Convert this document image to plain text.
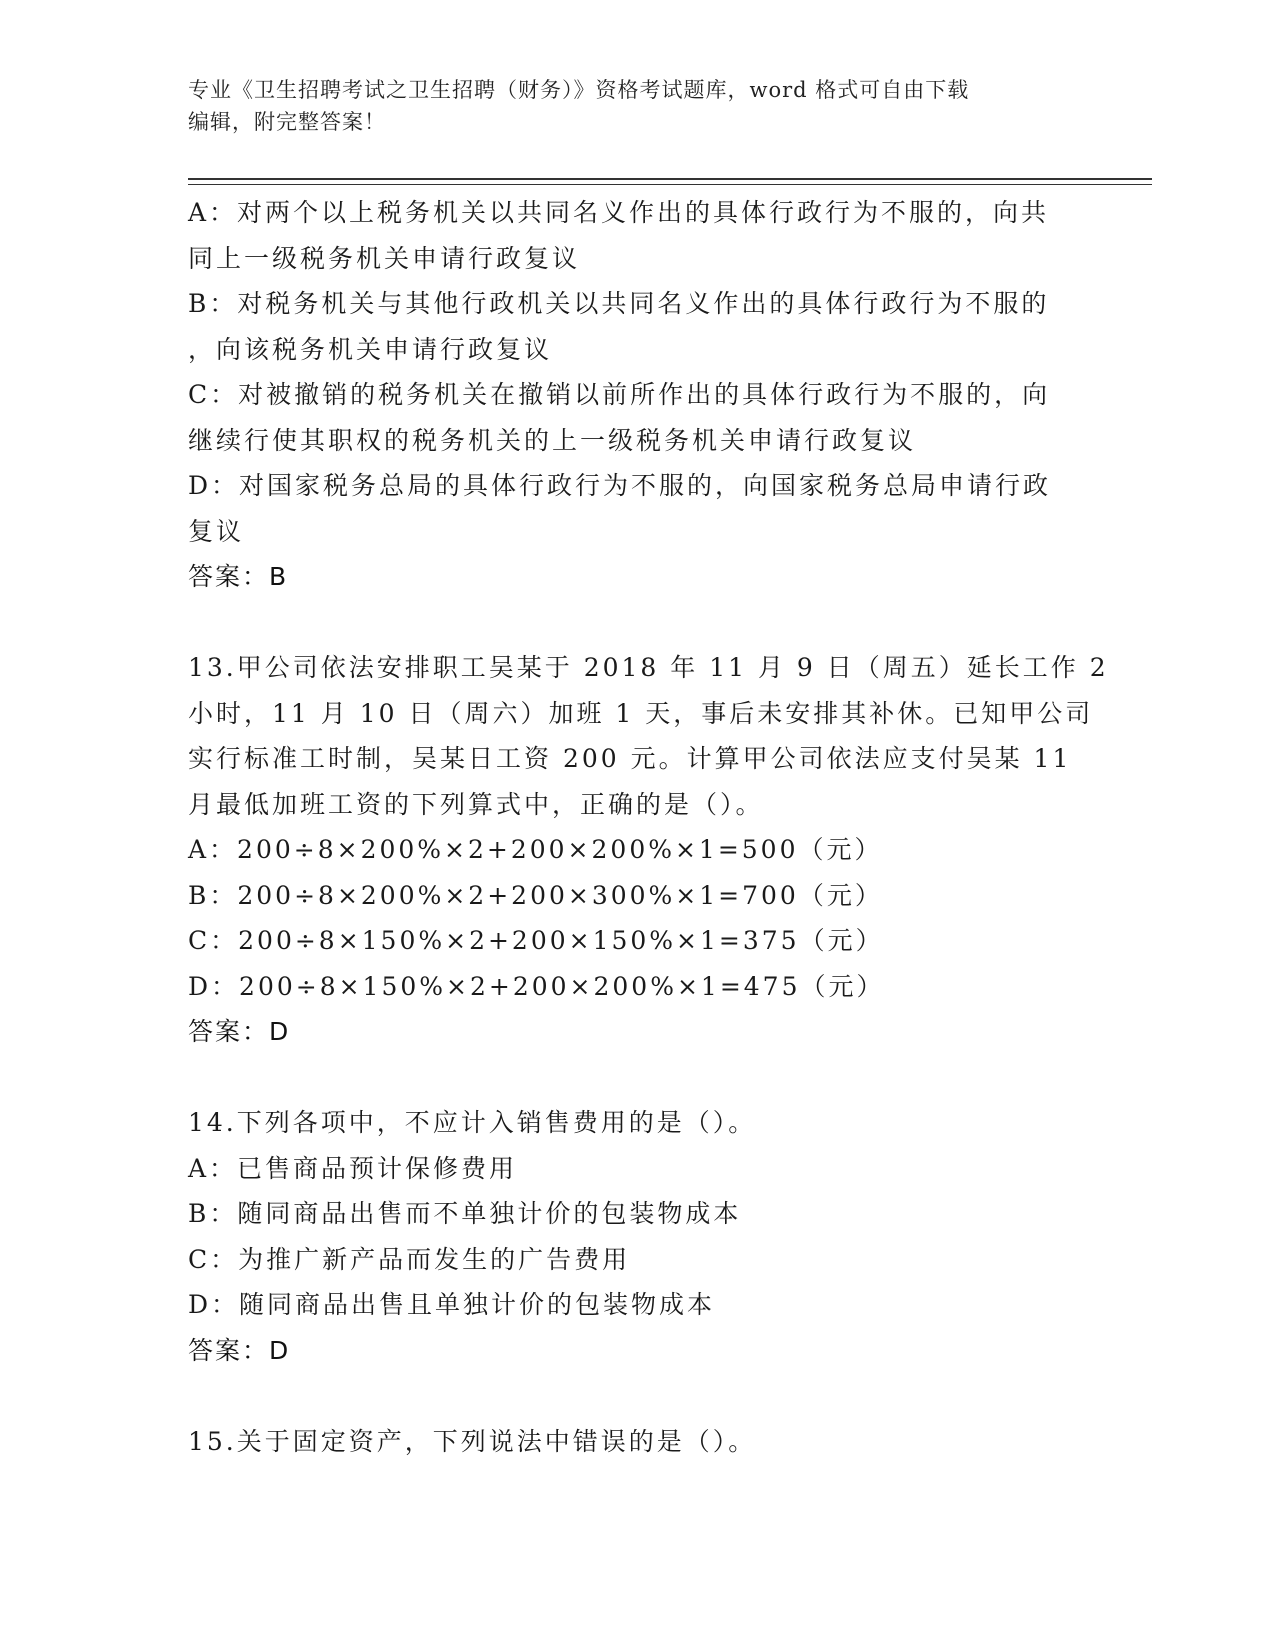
专业《卫生招聘考试之卫生招聘（财务）》资格考试题库，word 格式可自由下载
编辑，附完整答案！
A：对两个以上税务机关以共同名义作出的具体行政行为不服的，向共
同上一级税务机关申请行政复议
B：对税务机关与其他行政机关以共同名义作出的具体行政行为不服的
，向该税务机关申请行政复议
C：对被撤销的税务机关在撤销以前所作出的具体行政行为不服的，向
继续行使其职权的税务机关的上一级税务机关申请行政复议
D：对国家税务总局的具体行政行为不服的，向国家税务总局申请行政
复议
答案：B
13.甲公司依法安排职工吴某于 2018 年 11 月 9 日（周五）延长工作 2
小时，11 月 10 日（周六）加班 1 天，事后未安排其补休。已知甲公司
实行标准工时制，吴某日工资 200 元。计算甲公司依法应支付吴某 11
月最低加班工资的下列算式中，正确的是（）。
A：200÷8×200%×2+200×200%×1=500（元）
B：200÷8×200%×2+200×300%×1=700（元）
C：200÷8×150%×2+200×150%×1=375（元）
D：200÷8×150%×2+200×200%×1=475（元）
答案：D
14.下列各项中，不应计入销售费用的是（）。
A：已售商品预计保修费用
B：随同商品出售而不单独计价的包装物成本
C：为推广新产品而发生的广告费用
D：随同商品出售且单独计价的包装物成本
答案：D
15.关于固定资产，下列说法中错误的是（）。
